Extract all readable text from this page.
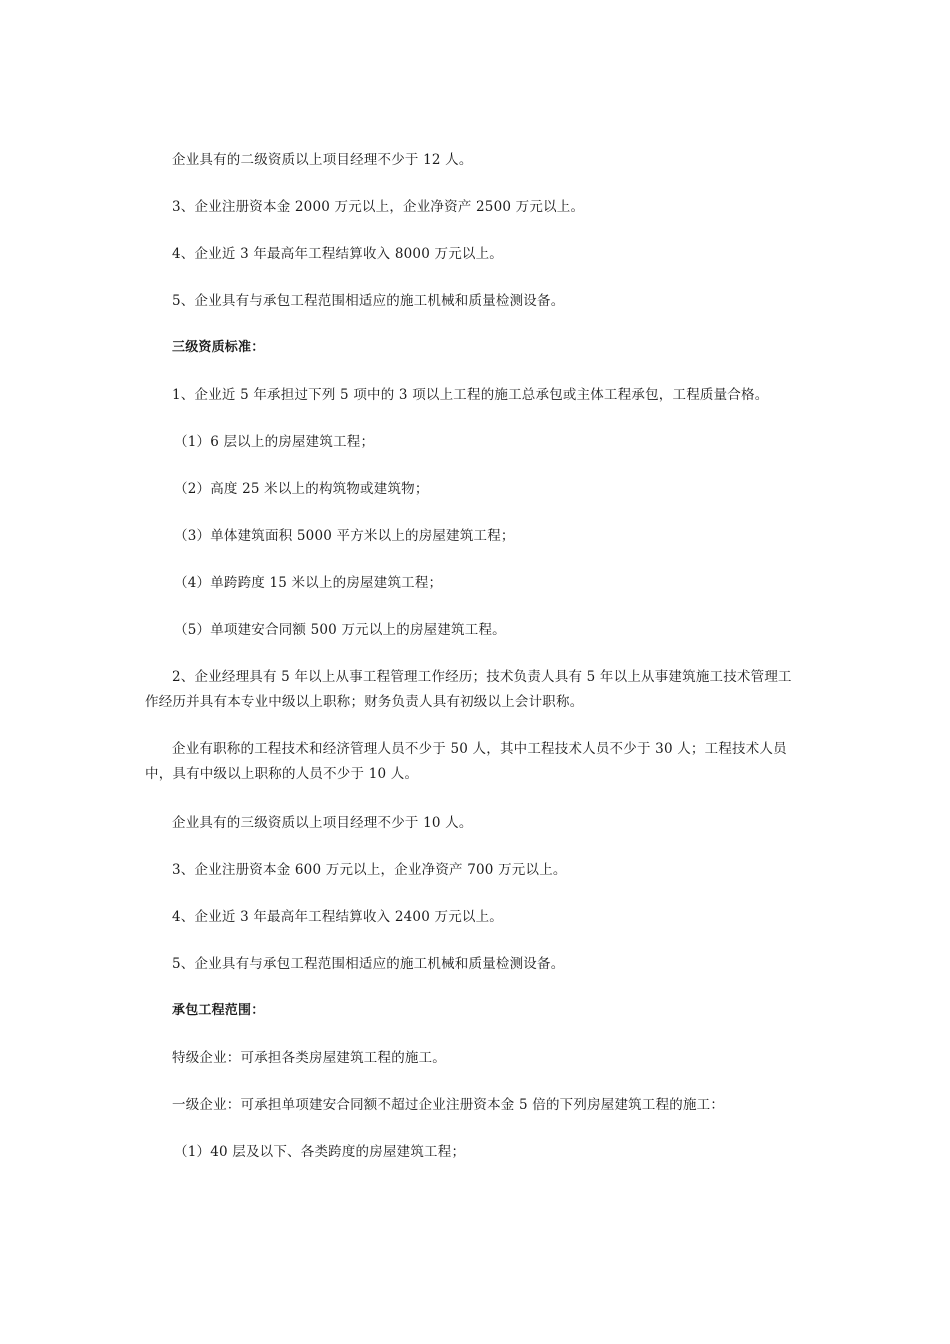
企业具有的二级资质以上项目经理不少于 12 人。
3、企业注册资本金 2000 万元以上，企业净资产 2500 万元以上。
4、企业近 3 年最高年工程结算收入 8000 万元以上。
5、企业具有与承包工程范围相适应的施工机械和质量检测设备。
三级资质标准：
1、企业近 5 年承担过下列 5 项中的 3 项以上工程的施工总承包或主体工程承包，工程质量合格。
（1）6 层以上的房屋建筑工程；
（2）高度 25 米以上的构筑物或建筑物；
（3）单体建筑面积 5000 平方米以上的房屋建筑工程；
（4）单跨跨度 15 米以上的房屋建筑工程；
（5）单项建安合同额 500 万元以上的房屋建筑工程。
2、企业经理具有 5 年以上从事工程管理工作经历；技术负责人具有 5 年以上从事建筑施工技术管理工作经历并具有本专业中级以上职称；财务负责人具有初级以上会计职称。
企业有职称的工程技术和经济管理人员不少于 50 人，其中工程技术人员不少于 30 人；工程技术人员中，具有中级以上职称的人员不少于 10 人。
企业具有的三级资质以上项目经理不少于 10 人。
3、企业注册资本金 600 万元以上，企业净资产 700 万元以上。
4、企业近 3 年最高年工程结算收入 2400 万元以上。
5、企业具有与承包工程范围相适应的施工机械和质量检测设备。
承包工程范围：
特级企业：可承担各类房屋建筑工程的施工。
一级企业：可承担单项建安合同额不超过企业注册资本金 5 倍的下列房屋建筑工程的施工：
（1）40 层及以下、各类跨度的房屋建筑工程；
